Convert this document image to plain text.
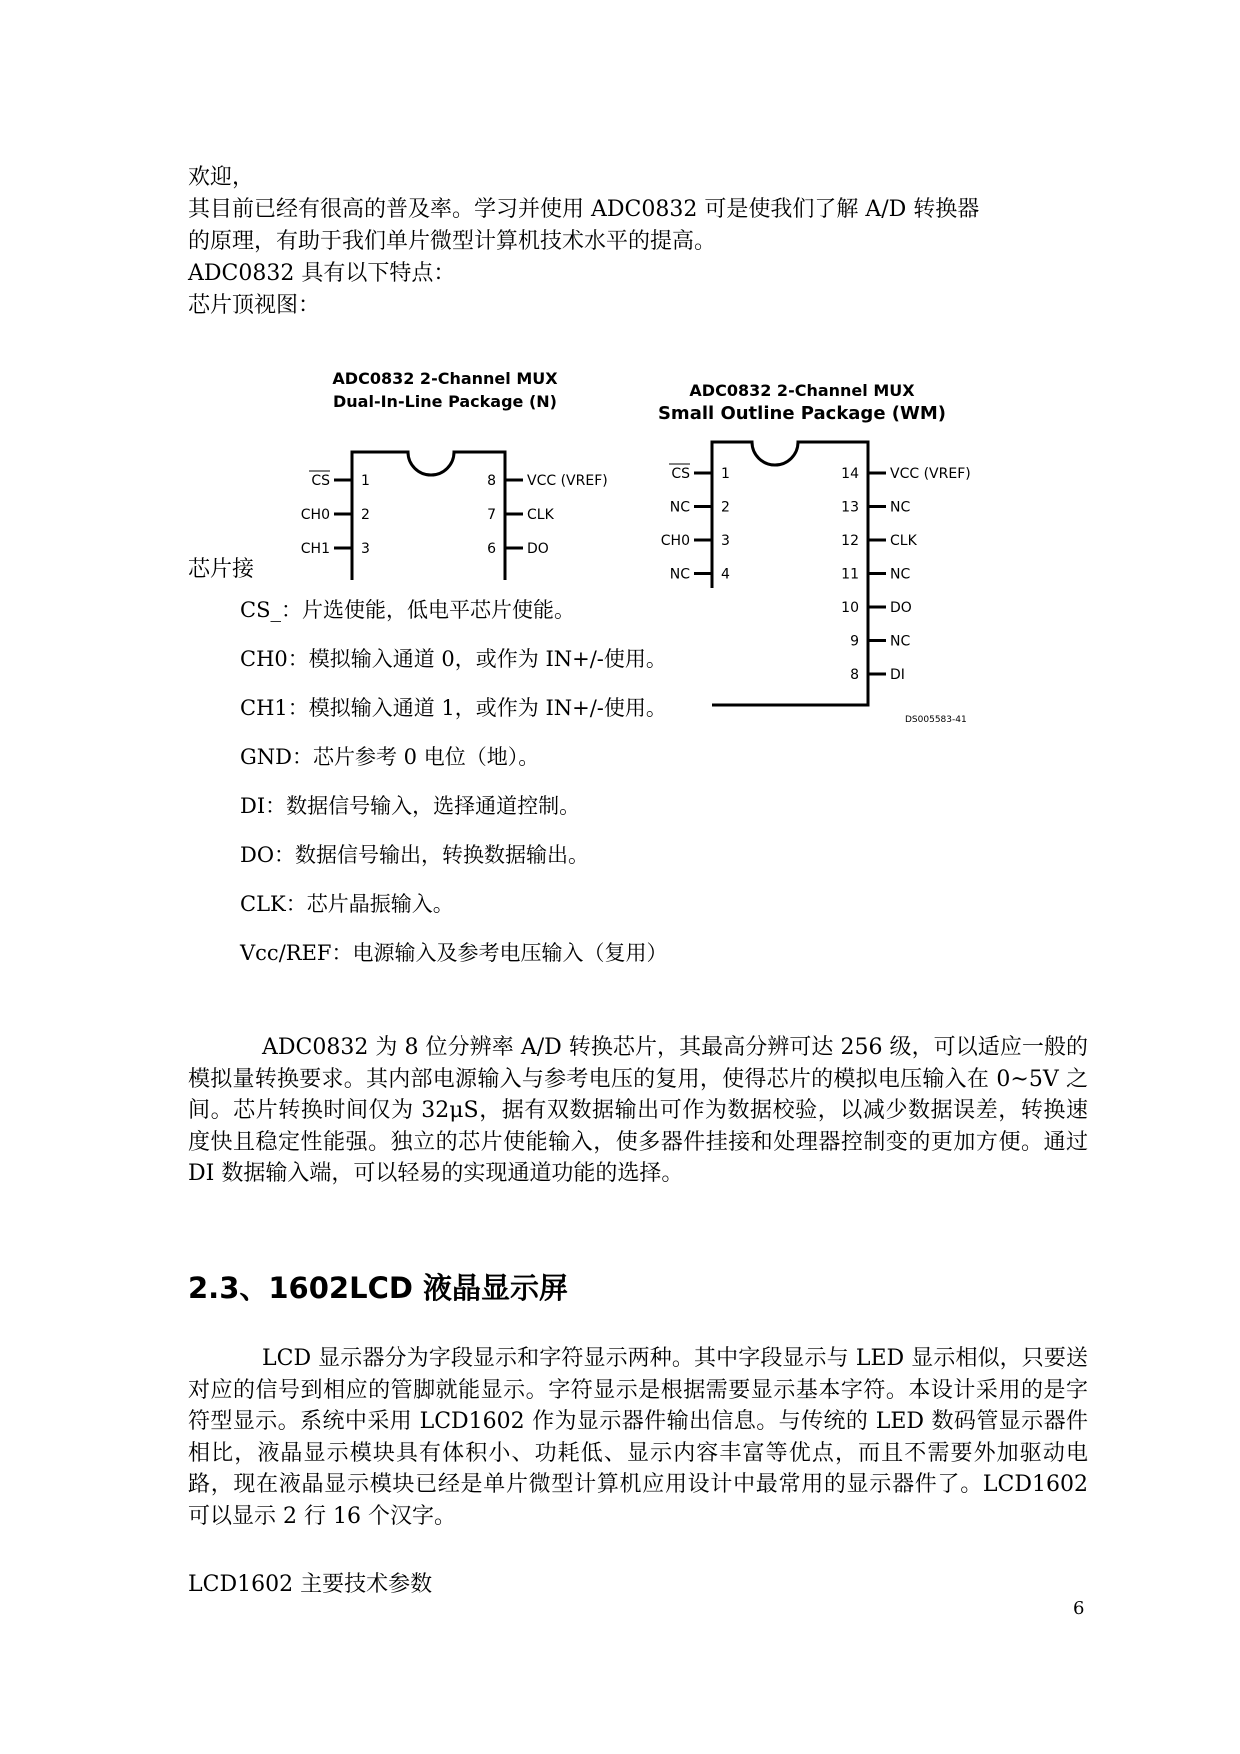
欢迎，
其目前已经有很高的普及率。学习并使用 ADC0832 可是使我们了解 A/D 转换器
的原理，有助于我们单片微型计算机技术水平的提高。
ADC0832 具有以下特点：
芯片顶视图：
芯片接
ADC0832 2-Channel MUX
Dual-In-Line Package (N)
1
CS
2
CH0
3
CH1
8 VCC (VREF)
7 CLK
6 DO
ADC0832 2-Channel MUX
Small Outline Package (WM)
1
CS
2
NC
3
CH0
4
NC
14 VCC (VREF)
13 NC
12 CLK
11 NC
10 DO
9 NC
8 DI
DS005583-41
CS_：片选使能，低电平芯片使能。
CH0：模拟输入通道 0，或作为 IN+/-使用。
CH1：模拟输入通道 1，或作为 IN+/-使用。
GND：芯片参考 0 电位（地）。
DI：数据信号输入，选择通道控制。
DO：数据信号输出，转换数据输出。
CLK：芯片晶振输入。
Vcc/REF：电源输入及参考电压输入（复用）
ADC0832 为 8 位分辨率 A/D 转换芯片，其最高分辨可达 256 级，可以适应一般的模拟量转换要求。其内部电源输入与参考电压的复用，使得芯片的模拟电压输入在 0~5V 之间。芯片转换时间仅为 32μS，据有双数据输出可作为数据校验，以减少数据误差，转换速度快且稳定性能强。独立的芯片使能输入，使多器件挂接和处理器控制变的更加方便。通过 DI 数据输入端，可以轻易的实现通道功能的选择。
2.3、1602LCD 液晶显示屏
LCD 显示器分为字段显示和字符显示两种。其中字段显示与 LED 显示相似，只要送对应的信号到相应的管脚就能显示。字符显示是根据需要显示基本字符。本设计采用的是字符型显示。系统中采用 LCD1602 作为显示器件输出信息。与传统的 LED 数码管显示器件相比，液晶显示模块具有体积小、功耗低、显示内容丰富等优点，而且不需要外加驱动电路，现在液晶显示模块已经是单片微型计算机应用设计中最常用的显示器件了。LCD1602 可以显示 2 行 16 个汉字。
LCD1602 主要技术参数
6
